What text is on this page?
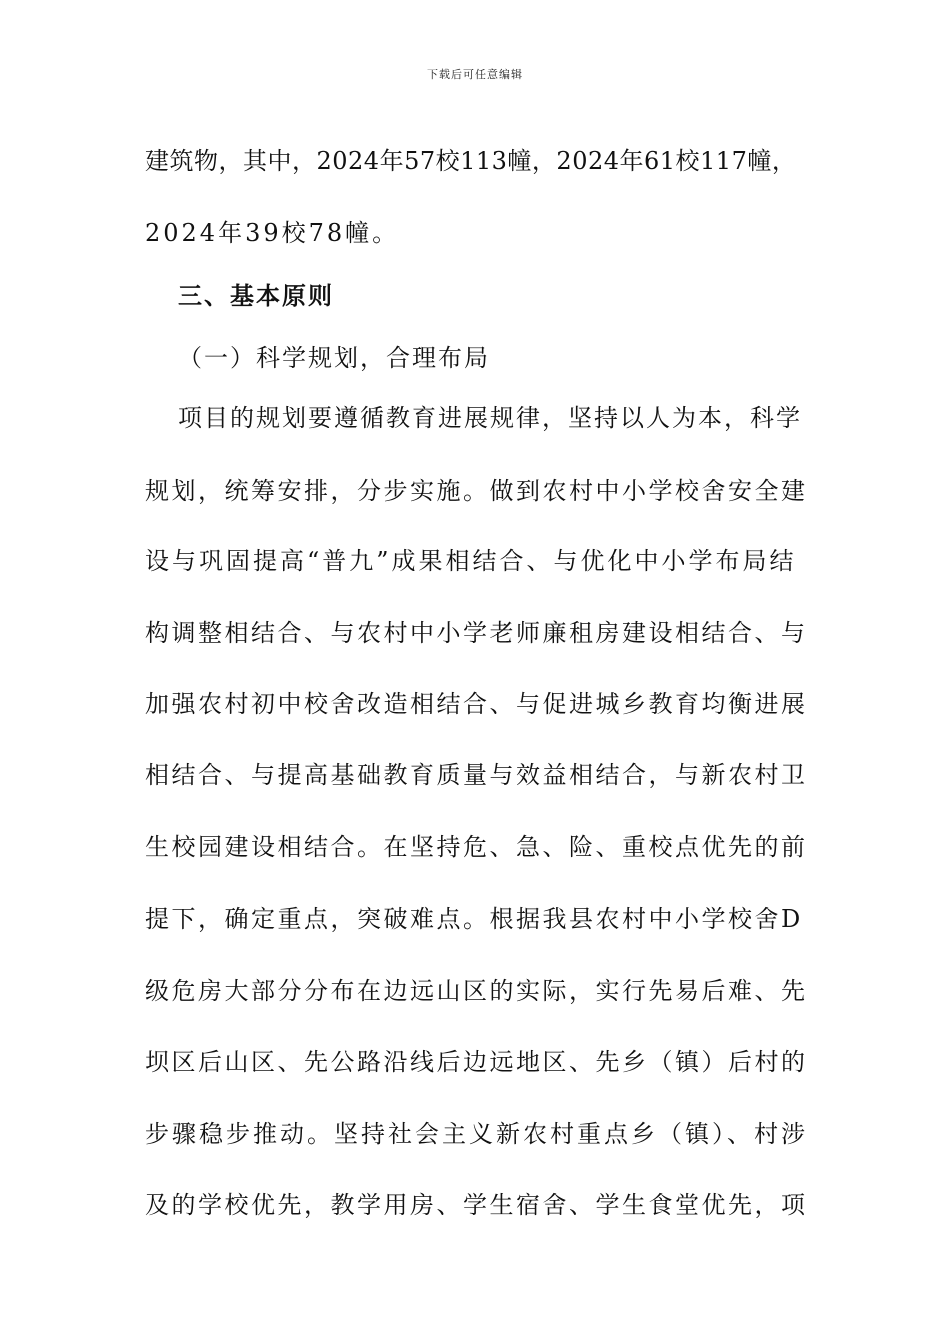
下载后可任意编辑
建筑物，其中，2024年57校113幢，2024年61校117幢，
2024年39校78幢。
三、基本原则
（一）科学规划，合理布局
项目的规划要遵循教育进展规律，坚持以人为本，科学
规划，统筹安排，分步实施。做到农村中小学校舍安全建
设与巩固提高“普九”成果相结合、与优化中小学布局结
构调整相结合、与农村中小学老师廉租房建设相结合、与
加强农村初中校舍改造相结合、与促进城乡教育均衡进展
相结合、与提高基础教育质量与效益相结合，与新农村卫
生校园建设相结合。在坚持危、急、险、重校点优先的前
提下，确定重点，突破难点。根据我县农村中小学校舍D
级危房大部分分布在边远山区的实际，实行先易后难、先
坝区后山区、先公路沿线后边远地区、先乡（镇）后村的
步骤稳步推动。坚持社会主义新农村重点乡（镇）、村涉
及的学校优先，教学用房、学生宿舍、学生食堂优先，项
